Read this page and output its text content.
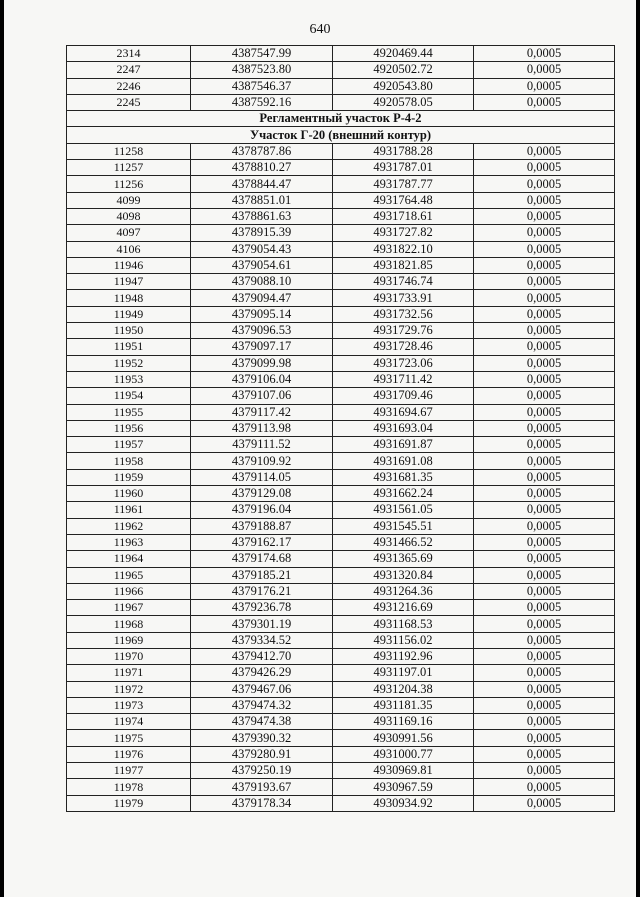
640
2314	4387547.99	4920469.44	0,0005
2247	4387523.80	4920502.72	0,0005
2246	4387546.37	4920543.80	0,0005
2245	4387592.16	4920578.05	0,0005
Регламентный участок Р-4-2			
Участок Г-20 (внешний контур)			
11258	4378787.86	4931788.28	0,0005
11257	4378810.27	4931787.01	0,0005
11256	4378844.47	4931787.77	0,0005
4099	4378851.01	4931764.48	0,0005
4098	4378861.63	4931718.61	0,0005
4097	4378915.39	4931727.82	0,0005
4106	4379054.43	4931822.10	0,0005
11946	4379054.61	4931821.85	0,0005
11947	4379088.10	4931746.74	0,0005
11948	4379094.47	4931733.91	0,0005
11949	4379095.14	4931732.56	0,0005
11950	4379096.53	4931729.76	0,0005
11951	4379097.17	4931728.46	0,0005
11952	4379099.98	4931723.06	0,0005
11953	4379106.04	4931711.42	0,0005
11954	4379107.06	4931709.46	0,0005
11955	4379117.42	4931694.67	0,0005
11956	4379113.98	4931693.04	0,0005
11957	4379111.52	4931691.87	0,0005
11958	4379109.92	4931691.08	0,0005
11959	4379114.05	4931681.35	0,0005
11960	4379129.08	4931662.24	0,0005
11961	4379196.04	4931561.05	0,0005
11962	4379188.87	4931545.51	0,0005
11963	4379162.17	4931466.52	0,0005
11964	4379174.68	4931365.69	0,0005
11965	4379185.21	4931320.84	0,0005
11966	4379176.21	4931264.36	0,0005
11967	4379236.78	4931216.69	0,0005
11968	4379301.19	4931168.53	0,0005
11969	4379334.52	4931156.02	0,0005
11970	4379412.70	4931192.96	0,0005
11971	4379426.29	4931197.01	0,0005
11972	4379467.06	4931204.38	0,0005
11973	4379474.32	4931181.35	0,0005
11974	4379474.38	4931169.16	0,0005
11975	4379390.32	4930991.56	0,0005
11976	4379280.91	4931000.77	0,0005
11977	4379250.19	4930969.81	0,0005
11978	4379193.67	4930967.59	0,0005
11979	4379178.34	4930934.92	0,0005
